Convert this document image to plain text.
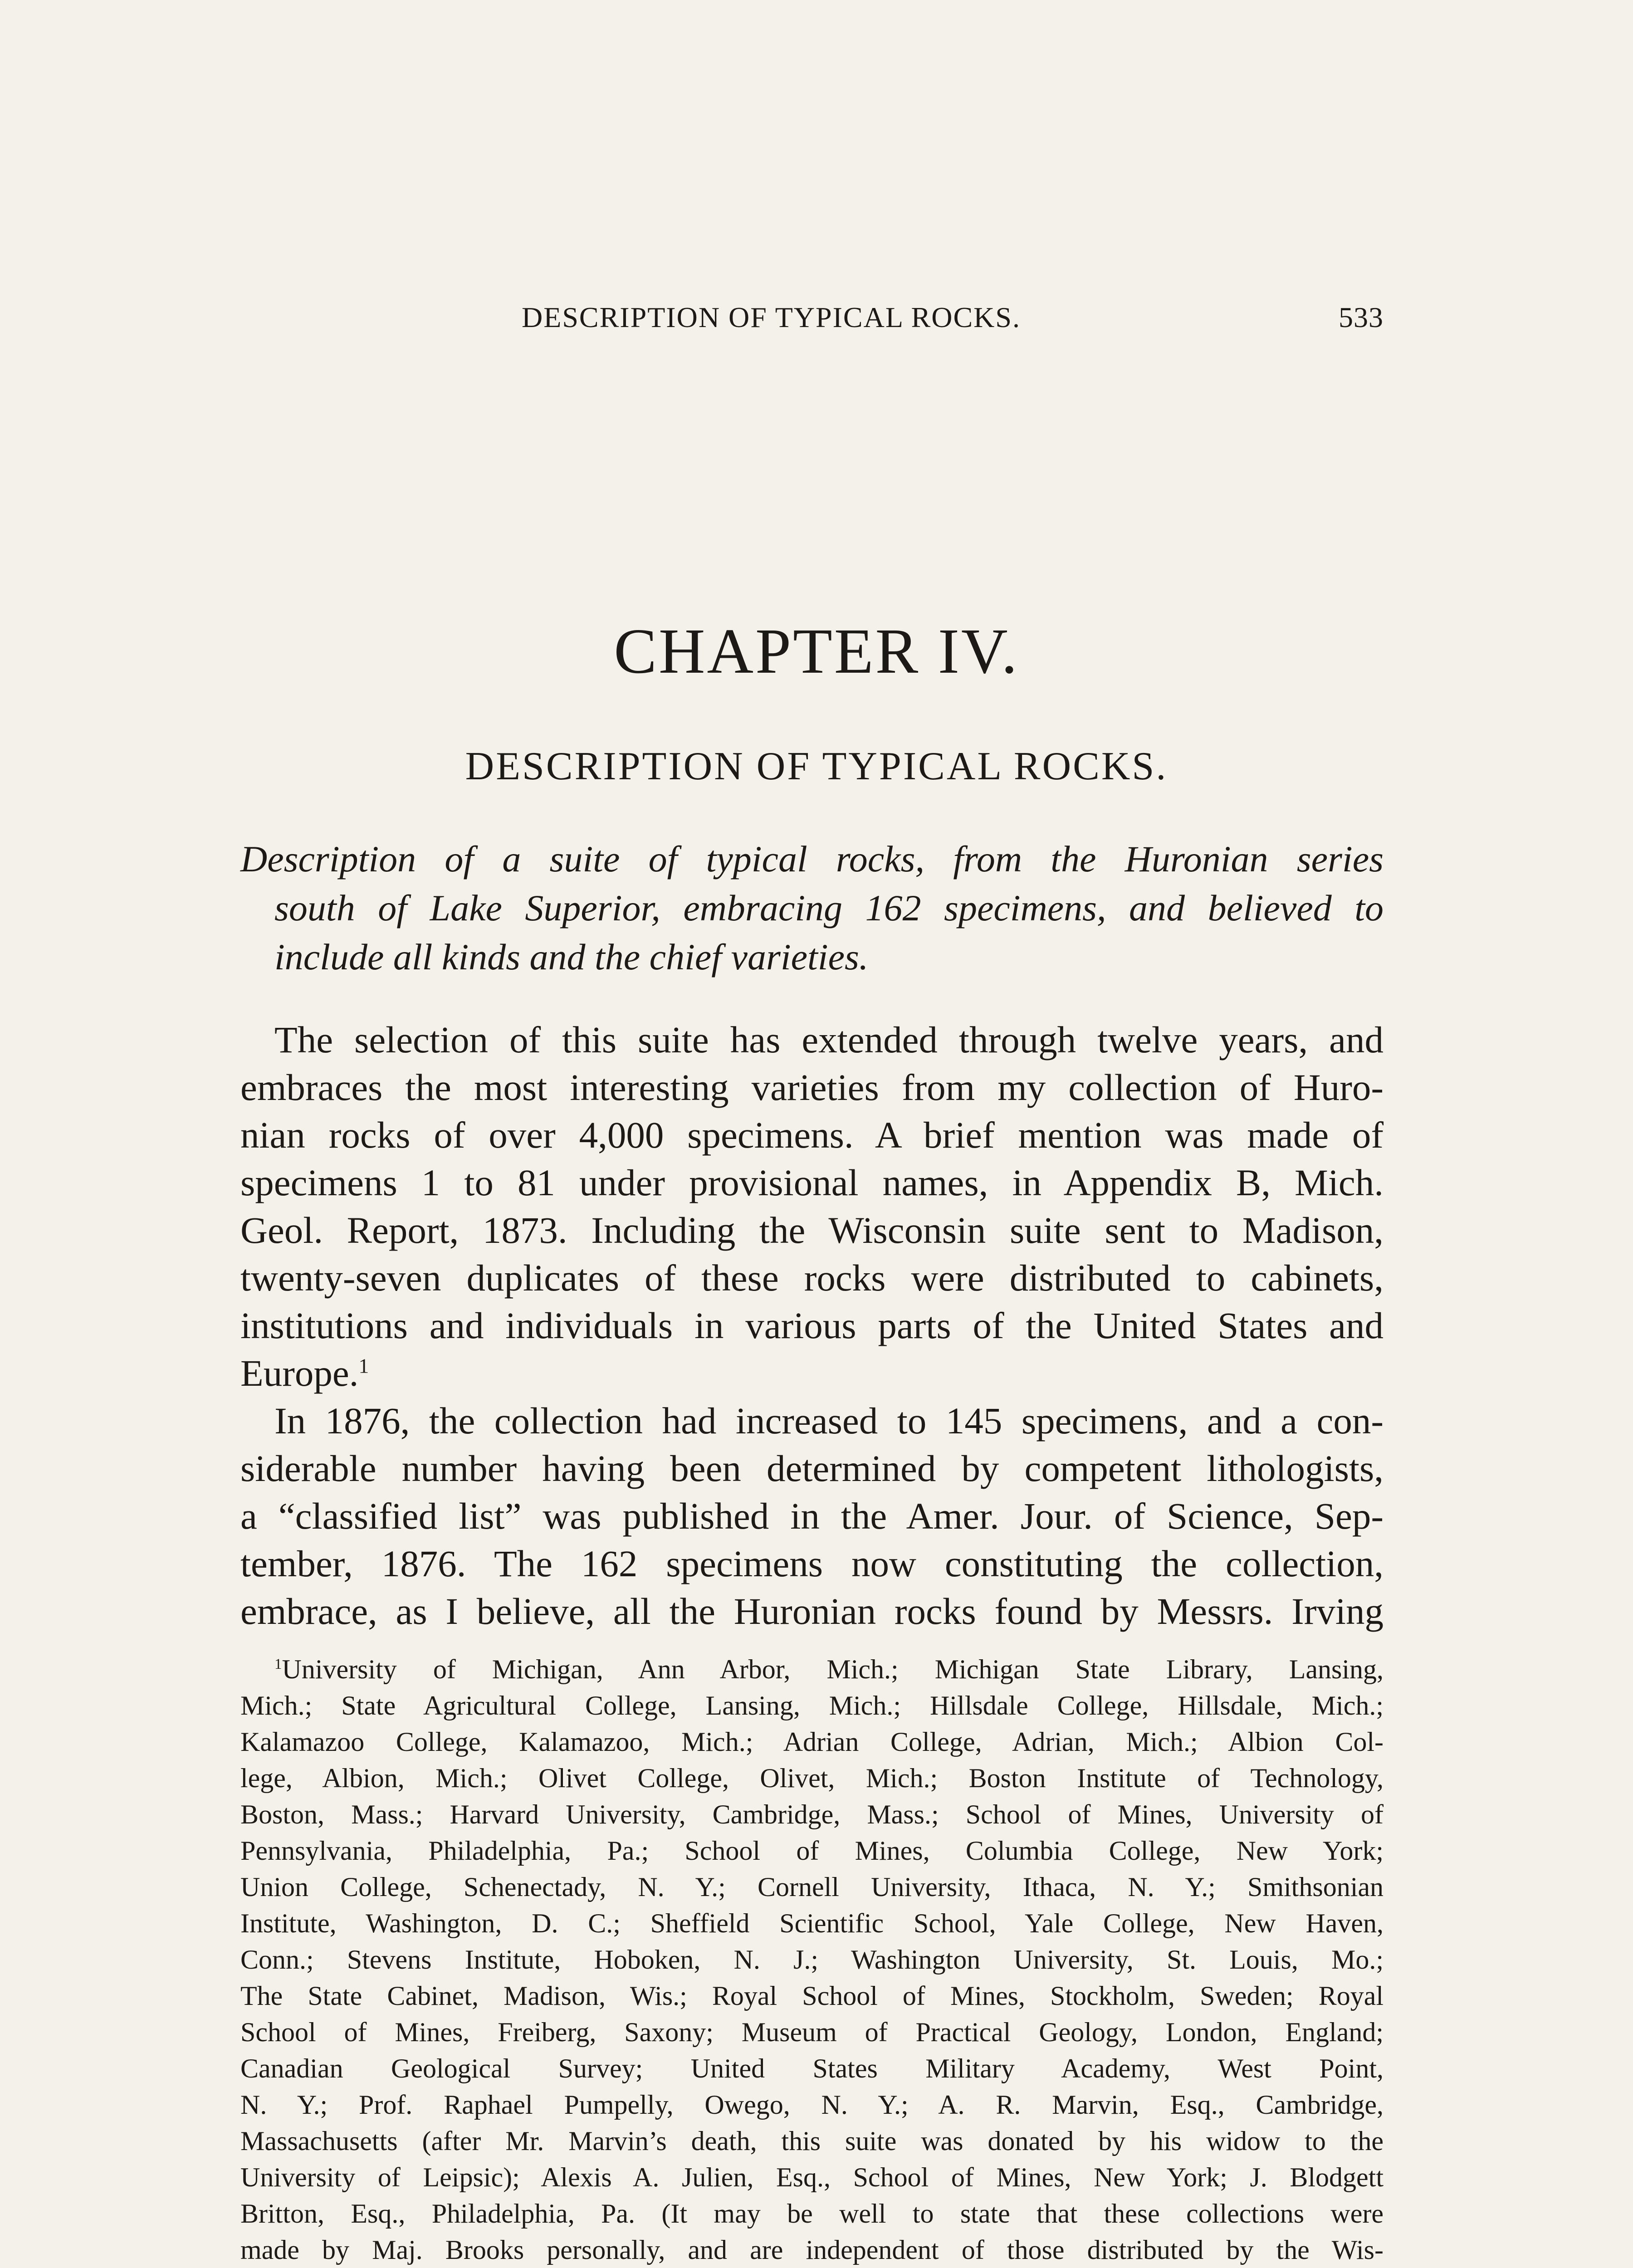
DESCRIPTION OF TYPICAL ROCKS.	533
CHAPTER IV.
DESCRIPTION OF TYPICAL ROCKS.
Description of a suite of typical rocks, from the Huronian series
south of Lake Superior, embracing 162 specimens, and believed to
include all kinds and the chief varieties.
The selection of this suite has extended through twelve years, and
embraces the most interesting varieties from my collection of Huro-
nian rocks of over 4,000 specimens. A brief mention was made of
specimens 1 to 81 under provisional names, in Appendix B, Mich.
Geol. Report, 1873. Including the Wisconsin suite sent to Madison,
twenty-seven duplicates of these rocks were distributed to cabinets,
institutions and individuals in various parts of the United States and
Europe.$^1$
In 1876, the collection had increased to 145 specimens, and a con-
siderable number having been determined by competent lithologists,
a “classified list” was published in the Amer. Jour. of Science, Sep-
tember, 1876. The 162 specimens now constituting the collection,
embrace, as I believe, all the Huronian rocks found by Messrs. Irving
$^1$University of Michigan, Ann Arbor, Mich.; Michigan State Library, Lansing,
Mich.; State Agricultural College, Lansing, Mich.; Hillsdale College, Hillsdale, Mich.;
Kalamazoo College, Kalamazoo, Mich.; Adrian College, Adrian, Mich.; Albion Col-
lege, Albion, Mich.; Olivet College, Olivet, Mich.; Boston Institute of Technology,
Boston, Mass.; Harvard University, Cambridge, Mass.; School of Mines, University of
Pennsylvania, Philadelphia, Pa.; School of Mines, Columbia College, New York;
Union College, Schenectady, N. Y.; Cornell University, Ithaca, N. Y.; Smithsonian
Institute, Washington, D. C.; Sheffield Scientific School, Yale College, New Haven,
Conn.; Stevens Institute, Hoboken, N. J.; Washington University, St. Louis, Mo.;
The State Cabinet, Madison, Wis.; Royal School of Mines, Stockholm, Sweden; Royal
School of Mines, Freiberg, Saxony; Museum of Practical Geology, London, England;
Canadian Geological Survey; United States Military Academy, West Point,
N. Y.; Prof. Raphael Pumpelly, Owego, N. Y.; A. R. Marvin, Esq., Cambridge,
Massachusetts (after Mr. Marvin’s death, this suite was donated by his widow to the
University of Leipsic); Alexis A. Julien, Esq., School of Mines, New York; J. Blodgett
Britton, Esq., Philadelphia, Pa. (It may be well to state that these collections were
made by Maj. Brooks personally, and are independent of those distributed by the Wis-
